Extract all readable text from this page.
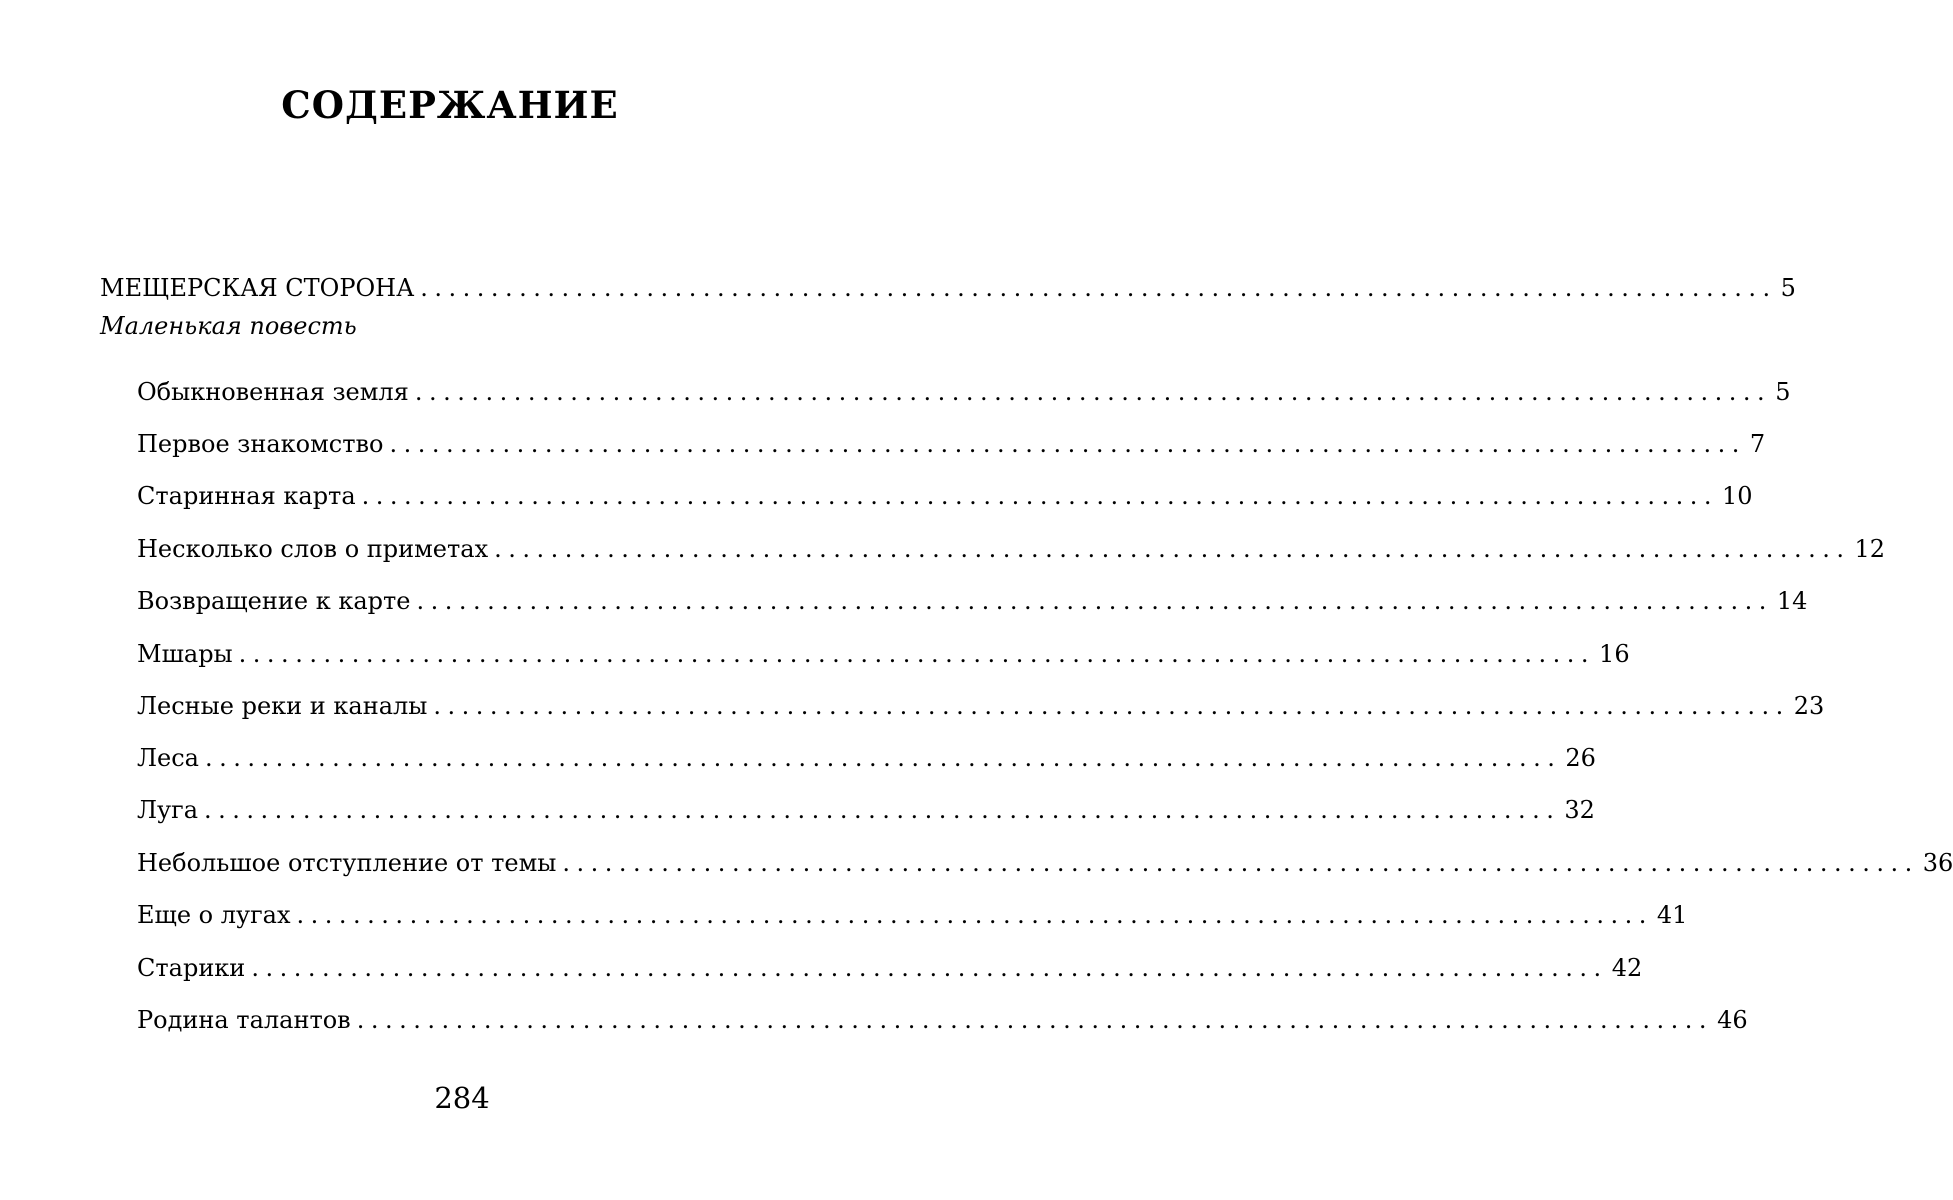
СОДЕРЖАНИЕ
МЕЩЕРСКАЯ СТОРОНА ................................................................................................ 5
Маленькая повесть
Обыкновенная земля ................................................................................................ 5
Первое знакомство ................................................................................................ 7
Старинная карта ................................................................................................ 10
Несколько слов о приметах ................................................................................................ 12
Возвращение к карте ................................................................................................ 14
Мшары ................................................................................................ 16
Лесные реки и каналы ................................................................................................ 23
Леса ................................................................................................ 26
Луга ................................................................................................ 32
Небольшое отступление от темы ................................................................................................ 36
Еще о лугах ................................................................................................ 41
Старики ................................................................................................ 42
Родина талантов ................................................................................................ 46
284
